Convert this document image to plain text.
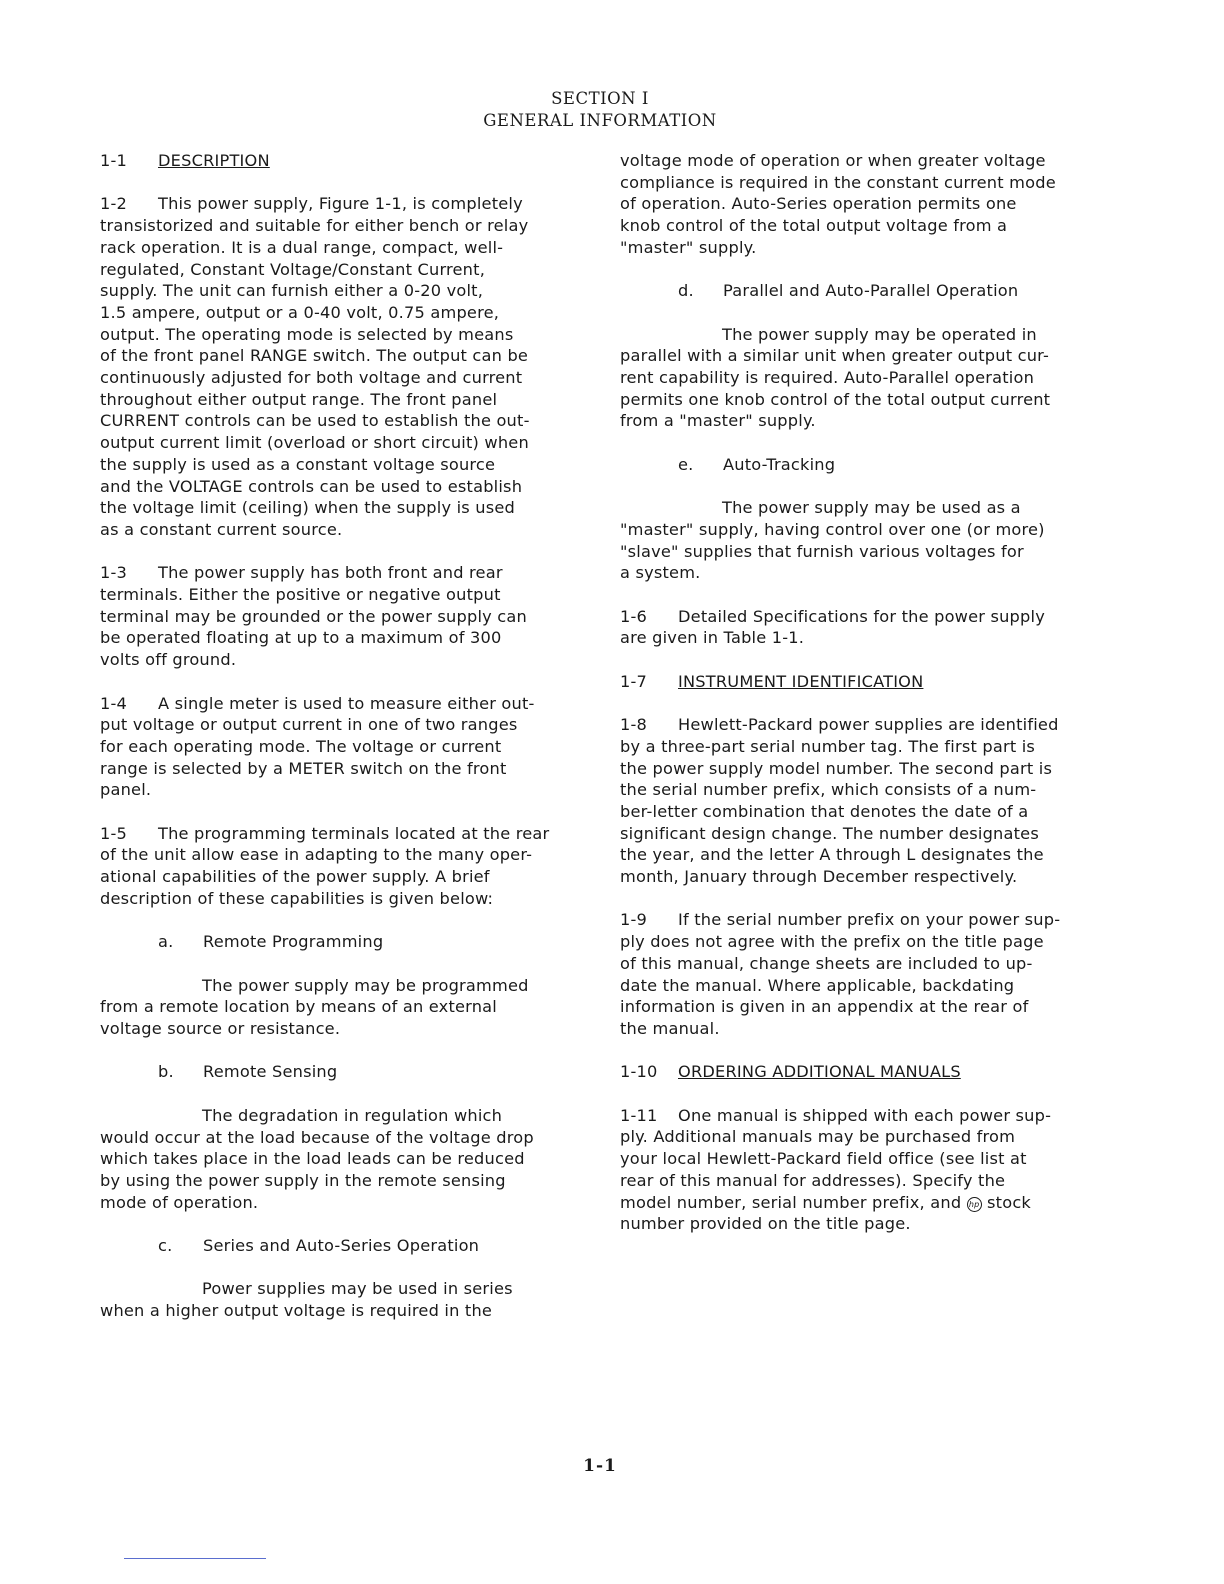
SECTION I
GENERAL INFORMATION

1-1 DESCRIPTION

1-2 This power supply, Figure 1-1, is completely
transistorized and suitable for either bench or relay
rack operation. It is a dual range, compact, well-
regulated, Constant Voltage/Constant Current,
supply. The unit can furnish either a 0-20 volt,
1.5 ampere, output or a 0-40 volt, 0.75 ampere,
output. The operating mode is selected by means
of the front panel RANGE switch. The output can be
continuously adjusted for both voltage and current
throughout either output range. The front panel
CURRENT controls can be used to establish the out-
output current limit (overload or short circuit) when
the supply is used as a constant voltage source
and the VOLTAGE controls can be used to establish
the voltage limit (ceiling) when the supply is used
as a constant current source.
1-3 The power supply has both front and rear
terminals. Either the positive or negative output
terminal may be grounded or the power supply can
be operated floating at up to a maximum of 300
volts off ground.
1-4 A single meter is used to measure either out-
put voltage or output current in one of two ranges
for each operating mode. The voltage or current
range is selected by a METER switch on the front
panel.
1-5 The programming terminals located at the rear
of the unit allow ease in adapting to the many oper-
ational capabilities of the power supply. A brief
description of these capabilities is given below:
a. Remote Programming
The power supply may be programmed
from a remote location by means of an external
voltage source or resistance.
b. Remote Sensing
The degradation in regulation which
would occur at the load because of the voltage drop
which takes place in the load leads can be reduced
by using the power supply in the remote sensing
mode of operation.
c. Series and Auto-Series Operation
Power supplies may be used in series
when a higher output voltage is required in the
voltage mode of operation or when greater voltage
compliance is required in the constant current mode
of operation. Auto-Series operation permits one
knob control of the total output voltage from a
"master" supply.
d. Parallel and Auto-Parallel Operation
The power supply may be operated in
parallel with a similar unit when greater output cur-
rent capability is required. Auto-Parallel operation
permits one knob control of the total output current
from a "master" supply.
e. Auto-Tracking
The power supply may be used as a
"master" supply, having control over one (or more)
"slave" supplies that furnish various voltages for
a system.
1-6 Detailed Specifications for the power supply
are given in Table 1-1.

1-7 INSTRUMENT IDENTIFICATION

1-8 Hewlett-Packard power supplies are identified
by a three-part serial number tag. The first part is
the power supply model number. The second part is
the serial number prefix, which consists of a num-
ber-letter combination that denotes the date of a
significant design change. The number designates
the year, and the letter A through L designates the
month, January through December respectively.
1-9 If the serial number prefix on your power sup-
ply does not agree with the prefix on the title page
of this manual, change sheets are included to up-
date the manual. Where applicable, backdating
information is given in an appendix at the rear of
the manual.

1-10 ORDERING ADDITIONAL MANUALS

1-11 One manual is shipped with each power sup-
ply. Additional manuals may be purchased from
your local Hewlett-Packard field office (see list at
rear of this manual for addresses). Specify the
model number, serial number prefix, and hp stock
number provided on the title page.
1-1
